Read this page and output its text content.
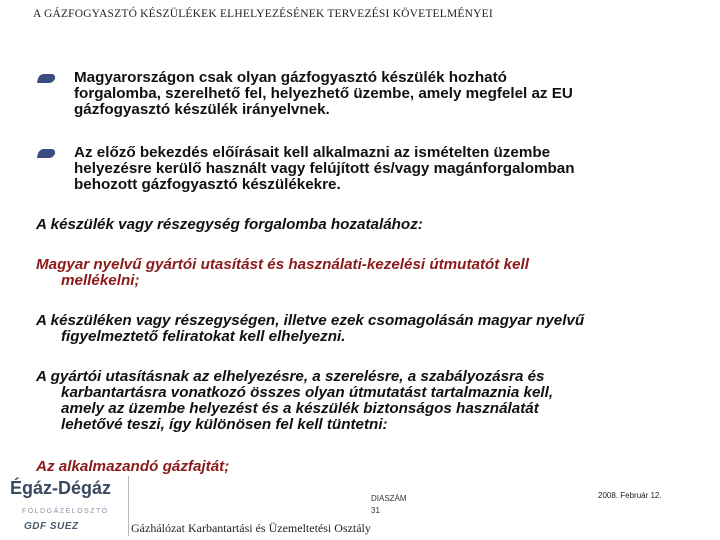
A GÁZFOGYASZTÓ KÉSZÜLÉKEK ELHELYEZÉSÉNEK TERVEZÉSI KÖVETELMÉNYEI
Magyarországon csak olyan gázfogyasztó készülék hozható
forgalomba, szerelhető fel, helyezhető üzembe, amely megfelel az EU
gázfogyasztó készülék irányelvnek.
Az előző bekezdés előírásait kell alkalmazni az ismételten üzembe
helyezésre kerülő használt vagy felújított és/vagy magánforgalomban
behozott gázfogyasztó készülékekre.
A készülék vagy részegység forgalomba hozatalához:
Magyar nyelvű gyártói utasítást és használati-kezelési útmutatót kell
mellékelni;
A készüléken vagy részegységen, illetve ezek csomagolásán magyar nyelvű
figyelmeztető feliratokat kell elhelyezni.
A gyártói utasításnak az elhelyezésre, a szerelésre, a szabályozásra és
karbantartásra vonatkozó összes olyan útmutatást tartalmaznia kell,
amely az üzembe helyezést és a készülék biztonságos használatát
lehetővé teszi, így különösen fel kell tüntetni:
Az alkalmazandó gázfajtát;
Égáz-Dégáz
FÖLDGÁZELOSZTÓ
GDF SUEZ
DIASZÁM
31
2008. Február 12.
Gázhálózat Karbantartási és Üzemeltetési Osztály
